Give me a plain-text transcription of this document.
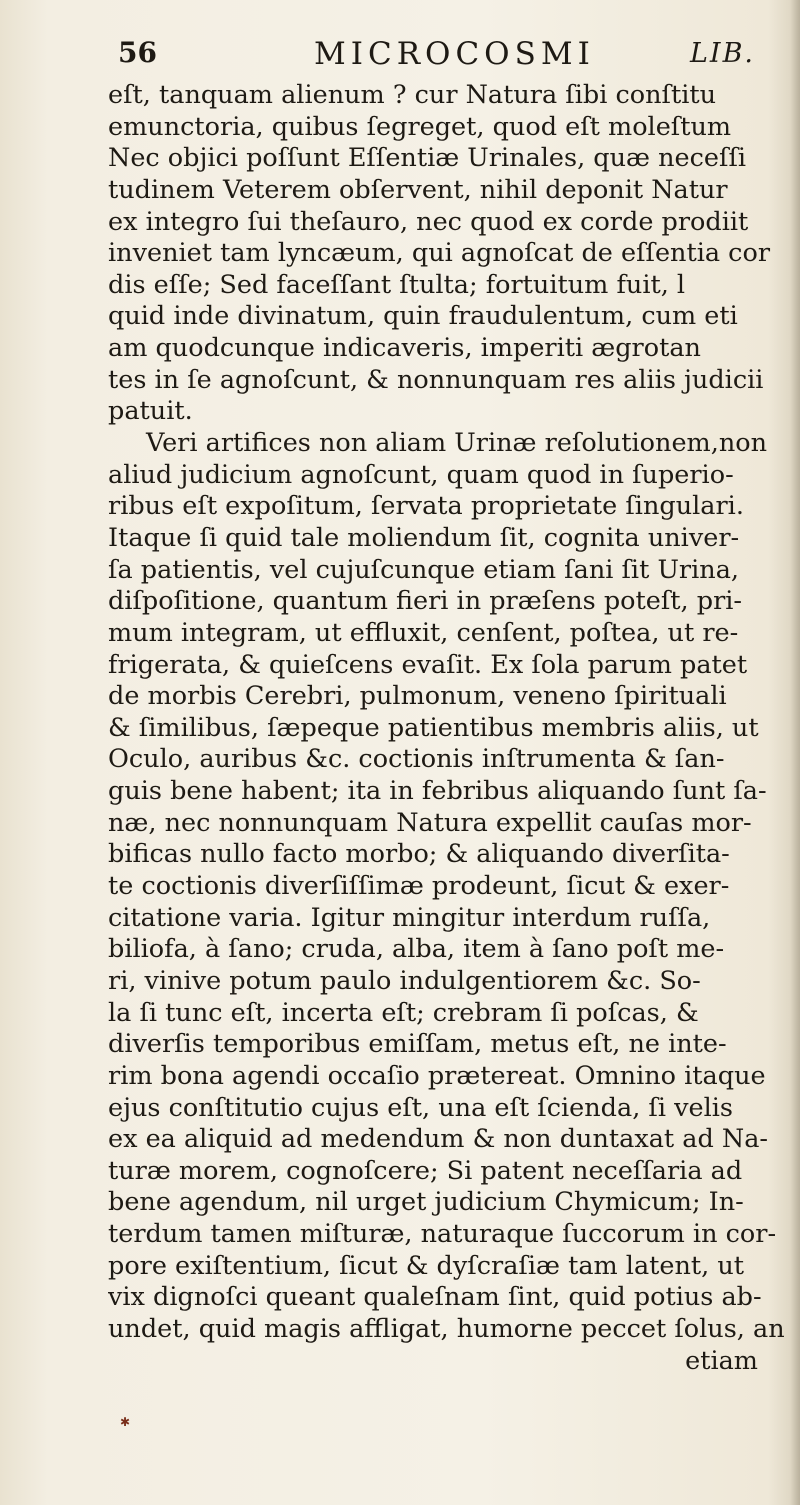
56	MICROCOSMI	LIB.
eſt, tanquam alienum ? cur Natura ſibi conſtitu
emunctoria, quibus ſegreget, quod eſt moleſtum
Nec objici poſſunt Eſſentiæ Urinales, quæ neceſſi
tudinem Veterem obſervent, nihil deponit Natur
ex integro ſui theſauro, nec quod ex corde prodiit
inveniet tam lyncæum, qui agnoſcat de eſſentia cor
dis eſſe; Sed faceſſant ſtulta; fortuitum fuit, l
quid inde divinatum, quin fraudulentum, cum eti
am quodcunque indicaveris, imperiti ægrotan
tes in ſe agnoſcunt, & nonnunquam res aliis judicii
patuit.
Veri artifices non aliam Urinæ reſolutionem,non
aliud judicium agnoſcunt, quam quod in ſuperio-
ribus eſt expoſitum, ſervata proprietate ſingulari.
Itaque ſi quid tale moliendum ſit, cognita univer-
ſa patientis, vel cujuſcunque etiam ſani ſit Urina,
diſpoſitione, quantum fieri in præſens poteſt, pri-
mum integram, ut effluxit, cenſent, poſtea, ut re-
frigerata, & quieſcens evaſit. Ex ſola parum patet
de morbis Cerebri, pulmonum, veneno ſpirituali
& ſimilibus, ſæpeque patientibus membris aliis, ut
Oculo, auribus &c. coctionis inſtrumenta & ſan-
guis bene habent; ita in febribus aliquando ſunt ſa-
næ, nec nonnunquam Natura expellit cauſas mor-
bificas nullo facto morbo; & aliquando diverſita-
te coctionis diverſiſſimæ prodeunt, ſicut & exer-
citatione varia. Igitur mingitur interdum ruſſa,
biliofa, à ſano; cruda, alba, item à ſano poſt me-
ri, vinive potum paulo indulgentiorem &c. So-
la ſi tunc eſt, incerta eſt; crebram ſi poſcas, &
diverſis temporibus emiſſam, metus eſt, ne inte-
rim bona agendi occaſio prætereat. Omnino itaque
ejus conſtitutio cujus eſt, una eſt ſcienda, ſi velis
ex ea aliquid ad medendum & non duntaxat ad Na-
turæ morem, cognoſcere; Si patent neceſſaria ad
bene agendum, nil urget judicium Chymicum; In-
terdum tamen miſturæ, naturaque ſuccorum in cor-
pore exiſtentium, ſicut & dyſcraſiæ tam latent, ut
vix dignoſci queant qualeſnam ſint, quid potius ab-
undet, quid magis affligat, humorne peccet ſolus, an
etiam
✱
